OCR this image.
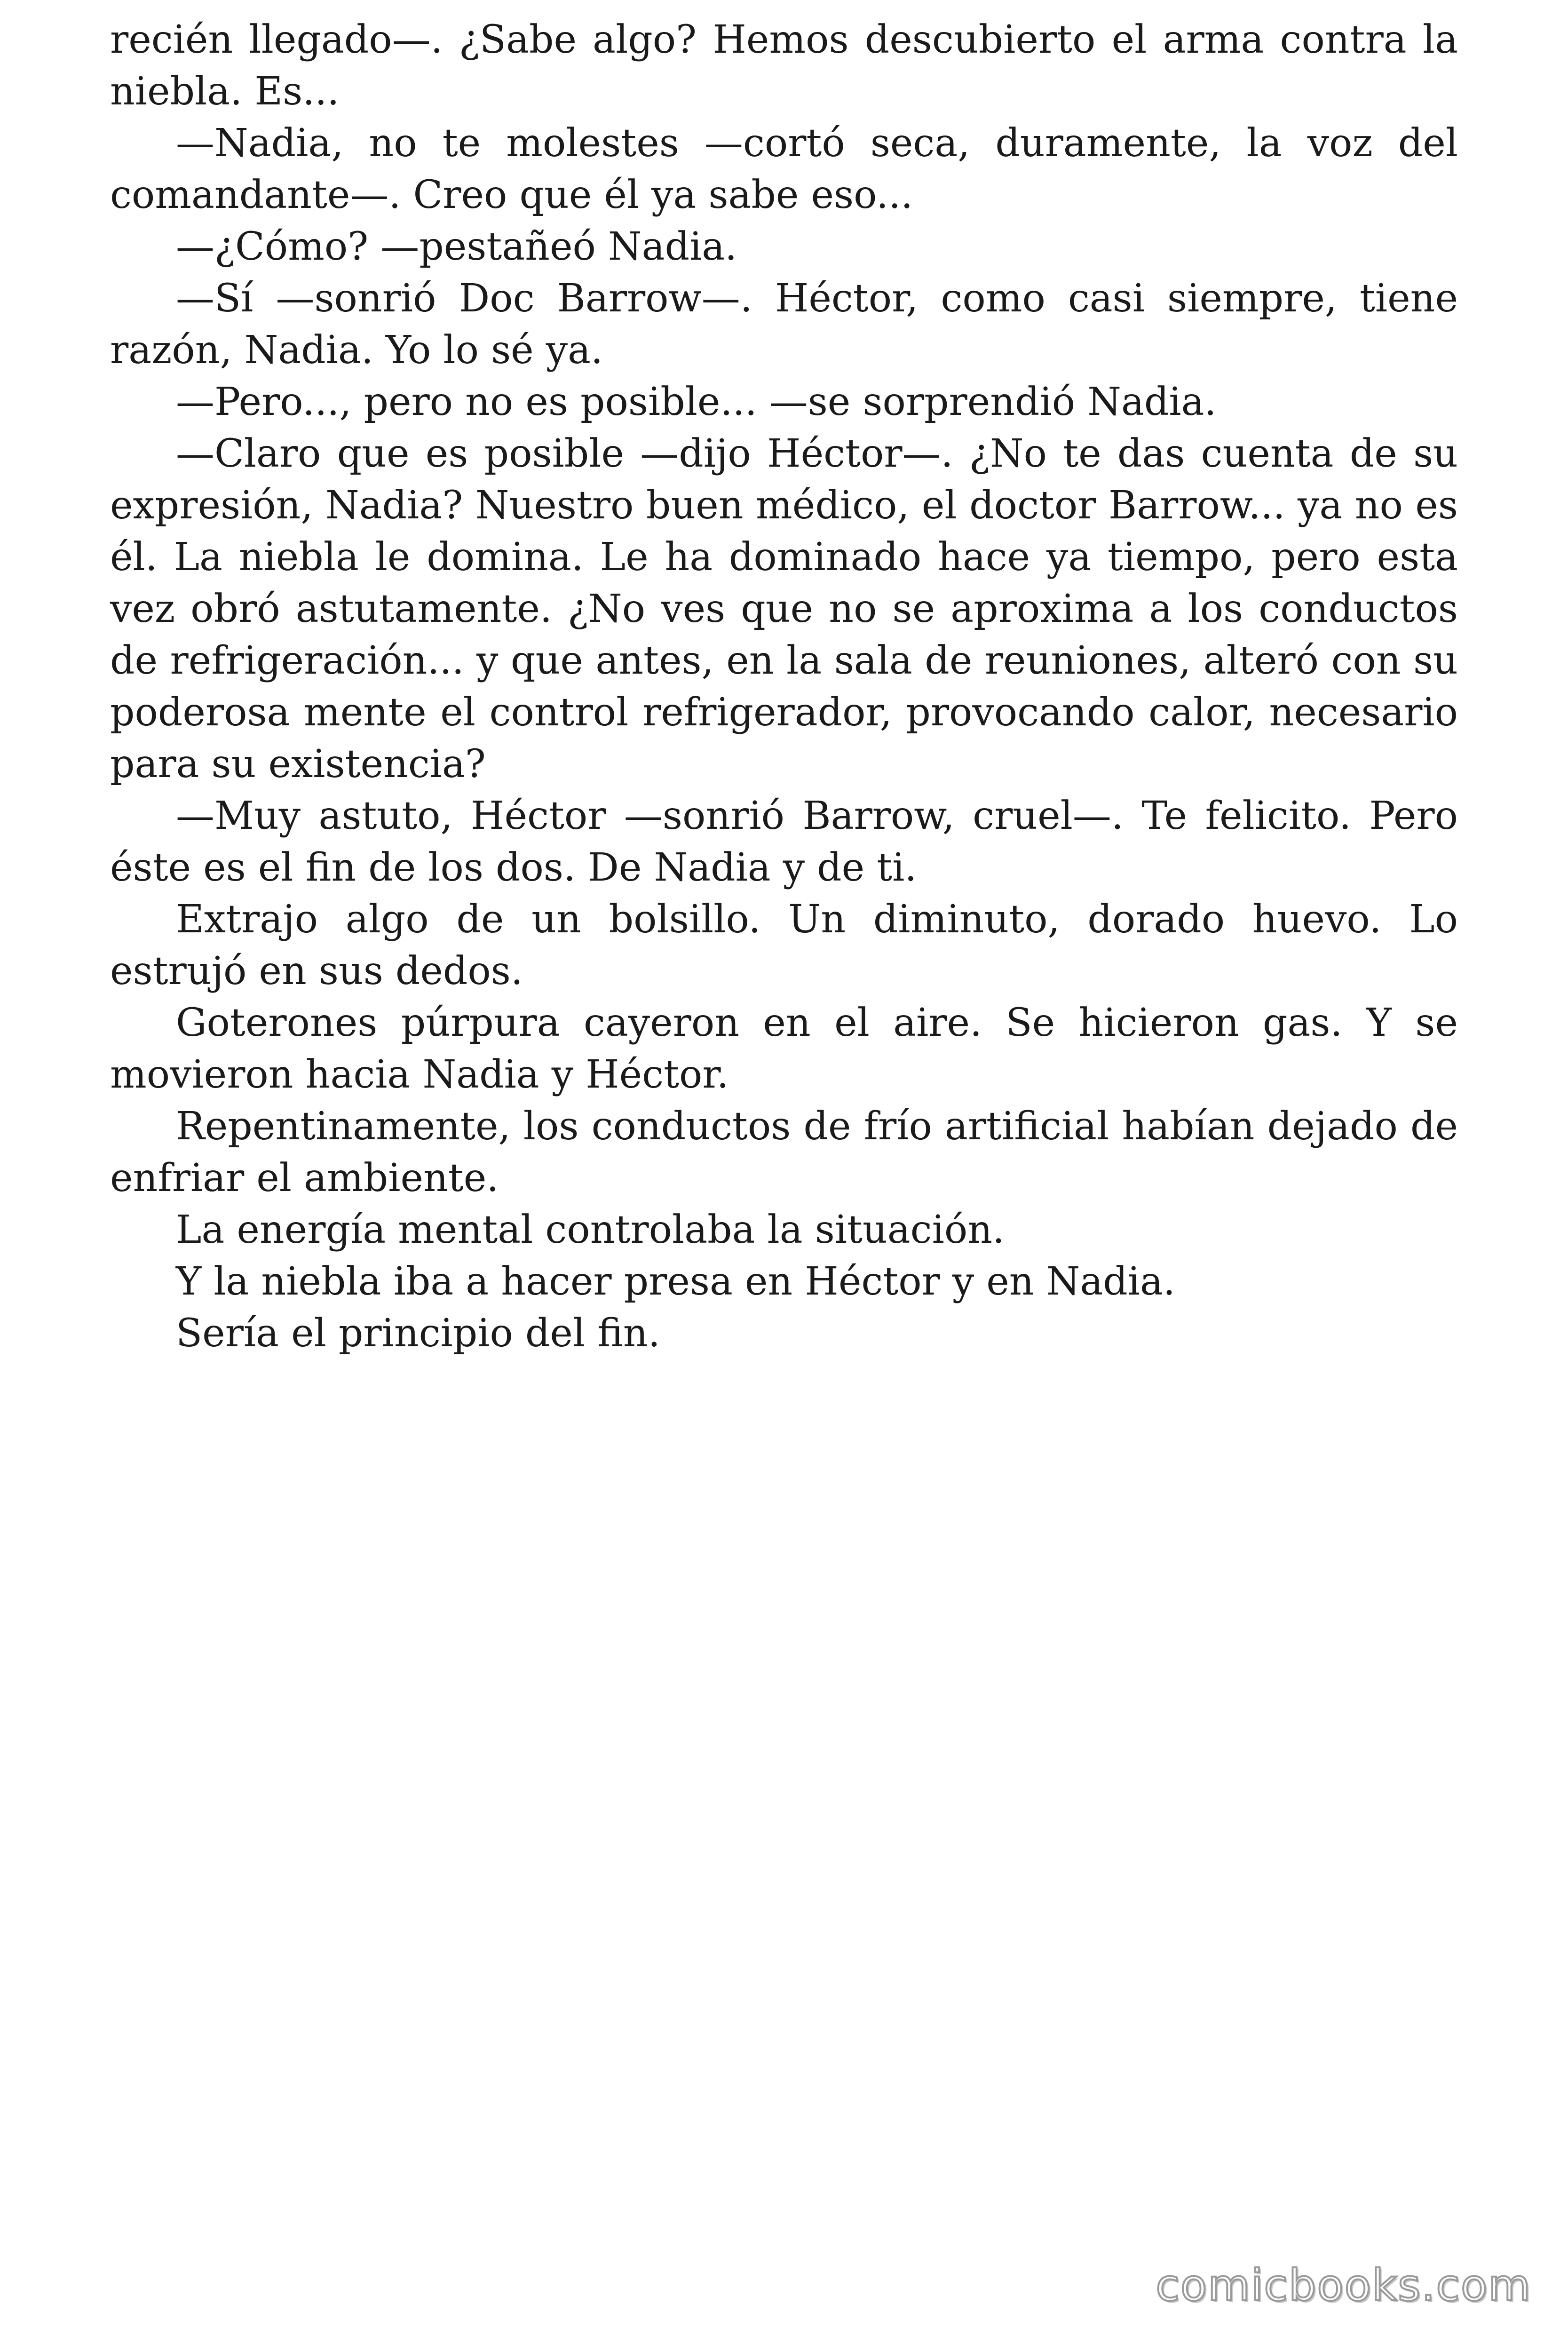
recién llegado—. ¿Sabe algo? Hemos descubierto el arma contra la niebla. Es...

—Nadia, no te molestes —cortó seca, duramente, la voz del comandante—. Creo que él ya sabe eso...

—¿Cómo? —pestañeó Nadia.

—Sí —sonrió Doc Barrow—. Héctor, como casi siempre, tiene razón, Nadia. Yo lo sé ya.

—Pero..., pero no es posible... —se sorprendió Nadia.

—Claro que es posible —dijo Héctor—. ¿No te das cuenta de su expresión, Nadia? Nuestro buen médico, el doctor Barrow... ya no es él. La niebla le domina. Le ha dominado hace ya tiempo, pero esta vez obró astutamente. ¿No ves que no se aproxima a los conductos de refrigeración... y que antes, en la sala de reuniones, alteró con su poderosa mente el control refrigerador, provocando calor, necesario para su existencia?

—Muy astuto, Héctor —sonrió Barrow, cruel—. Te felicito. Pero éste es el fin de los dos. De Nadia y de ti.

Extrajo algo de un bolsillo. Un diminuto, dorado huevo. Lo estrujó en sus dedos.

Goterones púrpura cayeron en el aire. Se hicieron gas. Y se movieron hacia Nadia y Héctor.

Repentinamente, los conductos de frío artificial habían dejado de enfriar el ambiente.

La energía mental controlaba la situación.

Y la niebla iba a hacer presa en Héctor y en Nadia.

Sería el principio del fin.

comicbooks.com
